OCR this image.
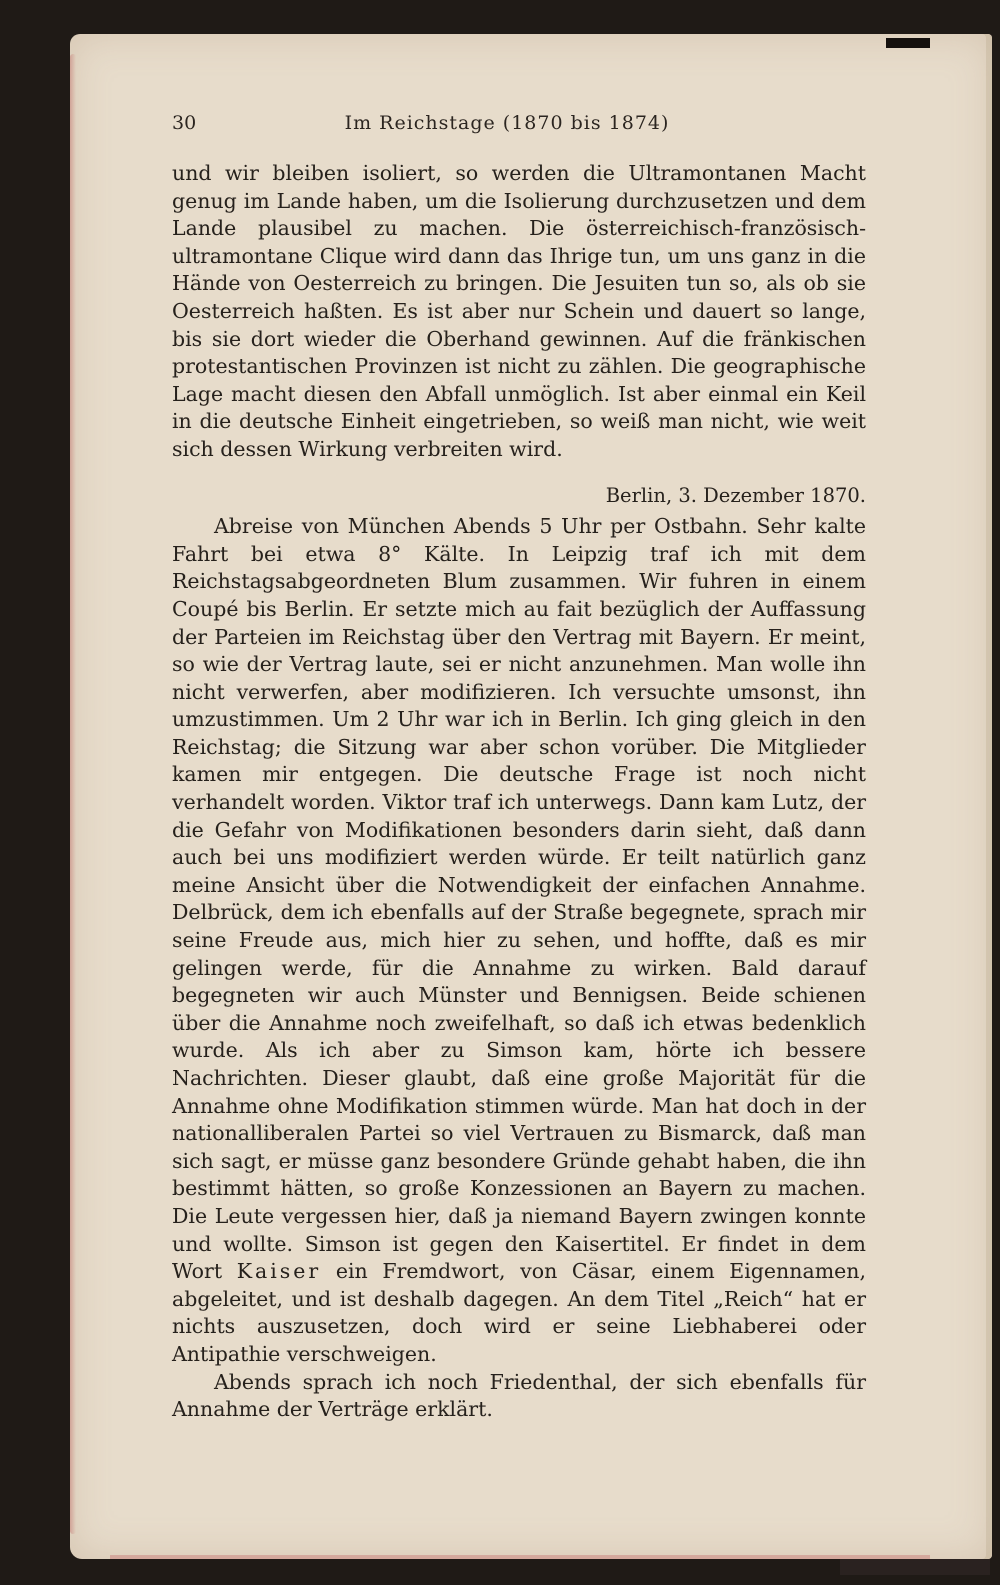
30	Im Reichstage (1870 bis 1874)

und wir bleiben isoliert, so werden die Ultramontanen Macht genug im Lande haben, um die Isolierung durchzusetzen und dem Lande plausibel zu machen. Die österreichisch-französisch-ultramontane Clique wird dann das Ihrige tun, um uns ganz in die Hände von Oesterreich zu bringen. Die Jesuiten tun so, als ob sie Oesterreich haßten. Es ist aber nur Schein und dauert so lange, bis sie dort wieder die Oberhand gewinnen. Auf die fränkischen protestantischen Provinzen ist nicht zu zählen. Die geographische Lage macht diesen den Abfall unmöglich. Ist aber einmal ein Keil in die deutsche Einheit eingetrieben, so weiß man nicht, wie weit sich dessen Wirkung verbreiten wird.

Berlin, 3. Dezember 1870.

Abreise von München Abends 5 Uhr per Ostbahn. Sehr kalte Fahrt bei etwa 8° Kälte. In Leipzig traf ich mit dem Reichstagsabgeordneten Blum zusammen. Wir fuhren in einem Coupé bis Berlin. Er setzte mich au fait bezüglich der Auffassung der Parteien im Reichstag über den Vertrag mit Bayern. Er meint, so wie der Vertrag laute, sei er nicht anzunehmen. Man wolle ihn nicht verwerfen, aber modifizieren. Ich versuchte umsonst, ihn umzustimmen. Um 2 Uhr war ich in Berlin. Ich ging gleich in den Reichstag; die Sitzung war aber schon vorüber. Die Mitglieder kamen mir entgegen. Die deutsche Frage ist noch nicht verhandelt worden. Viktor traf ich unterwegs. Dann kam Lutz, der die Gefahr von Modifikationen besonders darin sieht, daß dann auch bei uns modifiziert werden würde. Er teilt natürlich ganz meine Ansicht über die Notwendigkeit der einfachen Annahme. Delbrück, dem ich ebenfalls auf der Straße begegnete, sprach mir seine Freude aus, mich hier zu sehen, und hoffte, daß es mir gelingen werde, für die Annahme zu wirken. Bald darauf begegneten wir auch Münster und Bennigsen. Beide schienen über die Annahme noch zweifelhaft, so daß ich etwas bedenklich wurde. Als ich aber zu Simson kam, hörte ich bessere Nachrichten. Dieser glaubt, daß eine große Majorität für die Annahme ohne Modifikation stimmen würde. Man hat doch in der nationalliberalen Partei so viel Vertrauen zu Bismarck, daß man sich sagt, er müsse ganz besondere Gründe gehabt haben, die ihn bestimmt hätten, so große Konzessionen an Bayern zu machen. Die Leute vergessen hier, daß ja niemand Bayern zwingen konnte und wollte. Simson ist gegen den Kaisertitel. Er findet in dem Wort Kaiser ein Fremdwort, von Cäsar, einem Eigennamen, abgeleitet, und ist deshalb dagegen. An dem Titel „Reich“ hat er nichts auszusetzen, doch wird er seine Liebhaberei oder Antipathie verschweigen.

Abends sprach ich noch Friedenthal, der sich ebenfalls für Annahme der Verträge erklärt.
